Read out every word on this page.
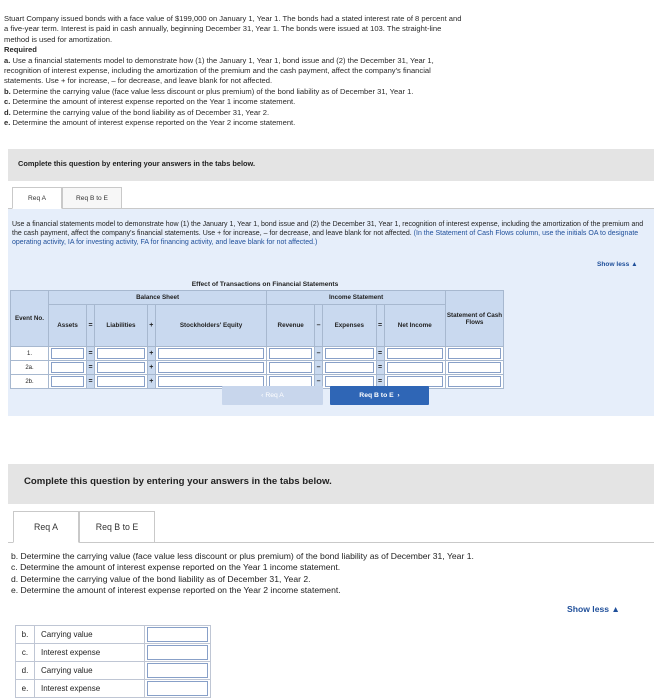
Stuart Company issued bonds with a face value of $199,000 on January 1, Year 1. The bonds had a stated interest rate of 8 percent and
a five-year term. Interest is paid in cash annually, beginning December 31, Year 1. The bonds were issued at 103. The straight-line
method is used for amortization.
Required
a. Use a financial statements model to demonstrate how (1) the January 1, Year 1, bond issue and (2) the December 31, Year 1,
recognition of interest expense, including the amortization of the premium and the cash payment, affect the company's financial
statements. Use + for increase, – for decrease, and leave blank for not affected.
b. Determine the carrying value (face value less discount or plus premium) of the bond liability as of December 31, Year 1.
c. Determine the amount of interest expense reported on the Year 1 income statement.
d. Determine the carrying value of the bond liability as of December 31, Year 2.
e. Determine the amount of interest expense reported on the Year 2 income statement.
Complete this question by entering your answers in the tabs below.
Req A	Req B to E
Use a financial statements model to demonstrate how (1) the January 1, Year 1, bond issue and (2) the December 31, Year 1, recognition of interest expense, including the amortization of the premium and the cash payment, affect the company's financial statements. Use + for increase, – for decrease, and leave blank for not affected. (In the Statement of Cash Flows column, use the initials OA to designate operating activity, IA for investing activity, FA for financing activity, and leave blank for not affected.)
Show less ▲
Effect of Transactions on Financial Statements
Event No.	Balance Sheet					Income Statement					Statement of Cash Flows
	Assets	=	Liabilities	+	Stockholders' Equity	Revenue	–	Expenses	=	Net Income	
1.		=		+			–		=	

2a.		=		+			–		=	

2b.		=		+			–		=	

‹ Req A	Req B to E ›
Complete this question by entering your answers in the tabs below.
Req A	Req B to E
b. Determine the carrying value (face value less discount or plus premium) of the bond liability as of December 31, Year 1.
c. Determine the amount of interest expense reported on the Year 1 income statement.
d. Determine the carrying value of the bond liability as of December 31, Year 2.
e. Determine the amount of interest expense reported on the Year 2 income statement.
Show less ▲
b.	Carrying value	

c.	Interest expense	

d.	Carrying value	

e.	Interest expense	
